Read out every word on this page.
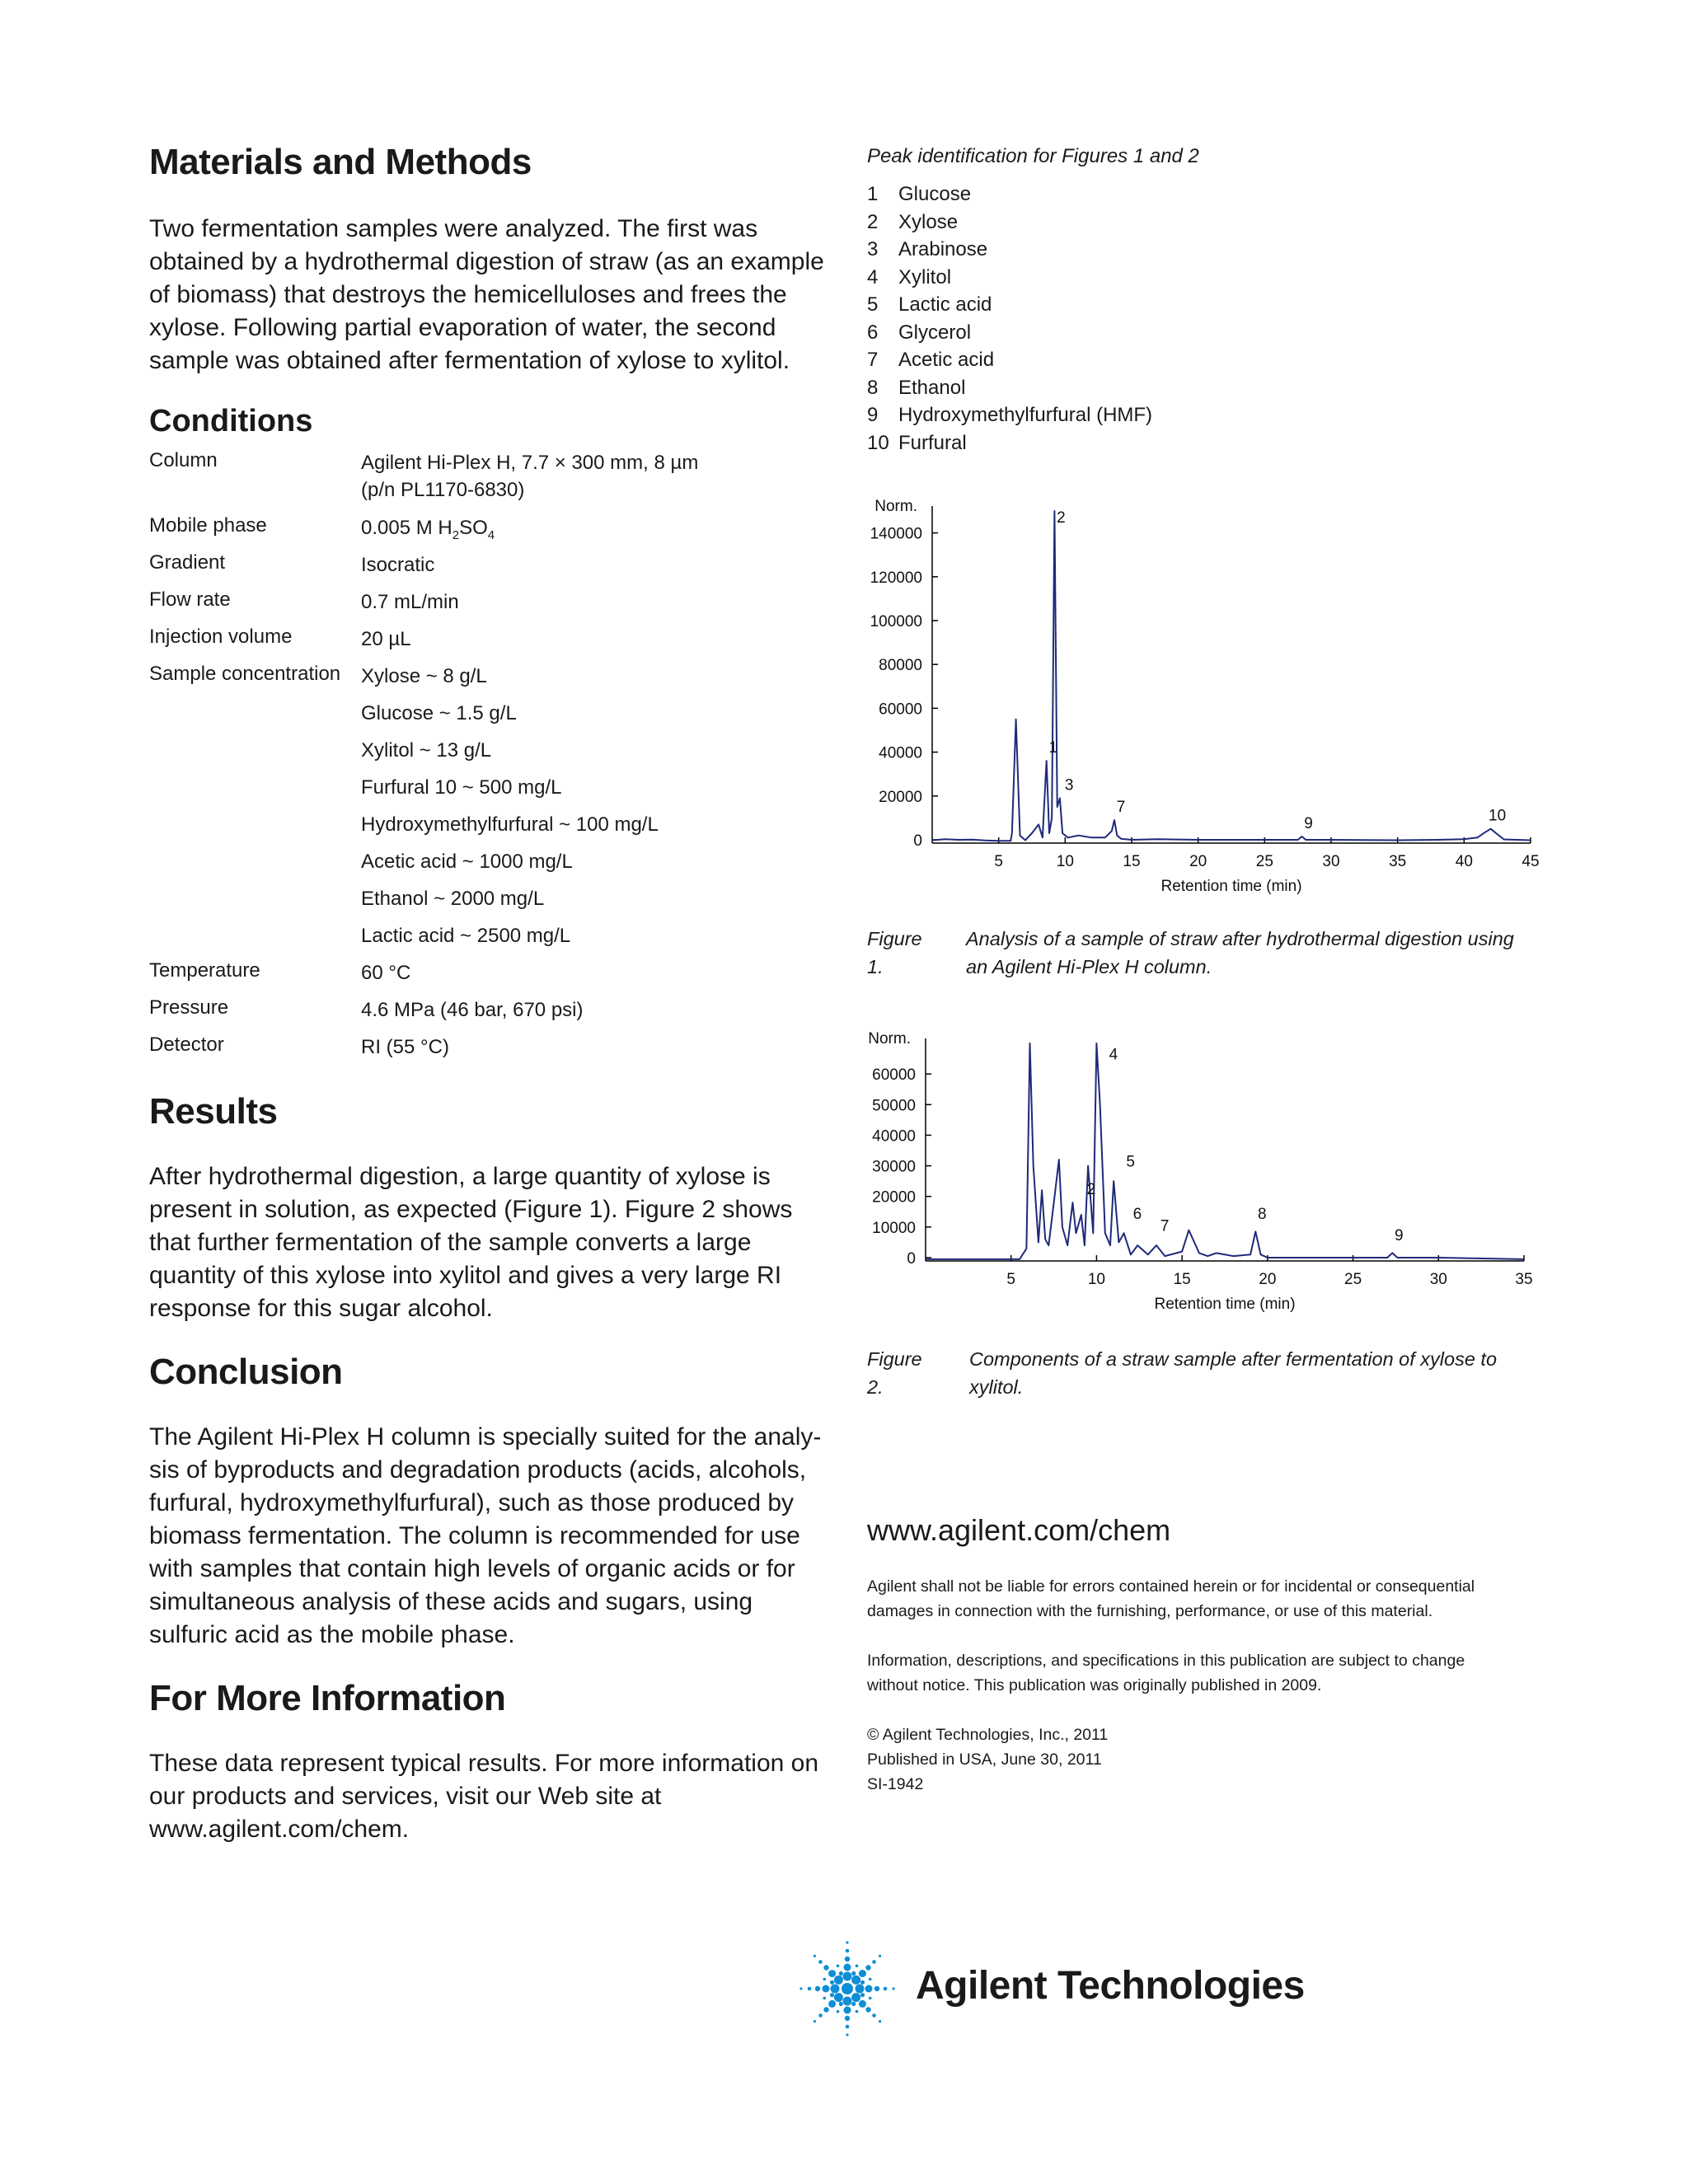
Materials and Methods

Two fermentation samples were analyzed. The first was
obtained by a hydrothermal digestion of straw (as an example
of biomass) that destroys the hemicelluloses and frees the
xylose. Following partial evaporation of water, the second
sample was obtained after fermentation of xylose to xylitol.

Conditions
Column	Agilent Hi-Plex H, 7.7 × 300 mm, 8 µm
(p/n PL1170-6830)
Mobile phase	0.005 M $H_2SO_4$
Gradient	Isocratic
Flow rate	0.7 mL/min
Injection volume	20 µL
Sample concentration Xylose ~ 8 g/L
Glucose ~ 1.5 g/L
Xylitol ~ 13 g/L
Furfural 10 ~ 500 mg/L
Hydroxymethylfurfural ~ 100 mg/L
Acetic acid ~ 1000 mg/L
Ethanol ~ 2000 mg/L
Lactic acid ~ 2500 mg/L
Temperature	60 °C
Pressure	4.6 MPa (46 bar, 670 psi)
Detector	RI (55 °C)
Results

After hydrothermal digestion, a large quantity of xylose is
present in solution, as expected (Figure 1). Figure 2 shows
that further fermentation of the sample converts a large
quantity of this xylose into xylitol and gives a very large RI
response for this sugar alcohol.

Conclusion

The Agilent Hi-Plex H column is specially suited for the analy-
sis of byproducts and degradation products (acids, alcohols,
furfural, hydroxymethylfurfural), such as those produced by
biomass fermentation. The column is recommended for use
with samples that contain high levels of organic acids or for
simultaneous analysis of these acids and sugars, using
sulfuric acid as the mobile phase.

For More Information

These data represent typical results. For more information on
our products and services, visit our Web site at
www.agilent.com/chem.

Peak identification for Figures 1 and 2
1	Glucose
2	Xylose
3	Arabinose
4	Xylitol
5	Lactic acid
6	Glycerol
7	Acetic acid
8	Ethanol
9	Hydroxymethylfurfural (HMF)
10 Furfural
Norm.
0
20000
40000
60000
80000
100000
120000
140000
5	10	15	20	25	30	35	40	45
Retention time (min)
1
2
3
7
9	10
Figure 1.
Analysis of a sample of straw after hydrothermal digestion using
an Agilent Hi-Plex H column.
Norm.
0
10000
20000
30000
40000
50000
60000
5	10	15	20	25	30	35
Retention time (min)
2
4
5
6
7
8
9
Figure 2.
Components of a straw sample after fermentation of xylose to
xylitol.
www.agilent.com/chem
Agilent shall not be liable for errors contained herein or for incidental or consequential
damages in connection with the furnishing, performance, or use of this material.
Information, descriptions, and specifications in this publication are subject to change
without notice. This publication was originally published in 2009.
© Agilent Technologies, Inc., 2011
Published in USA, June 30, 2011
SI-1942
Agilent Technologies
